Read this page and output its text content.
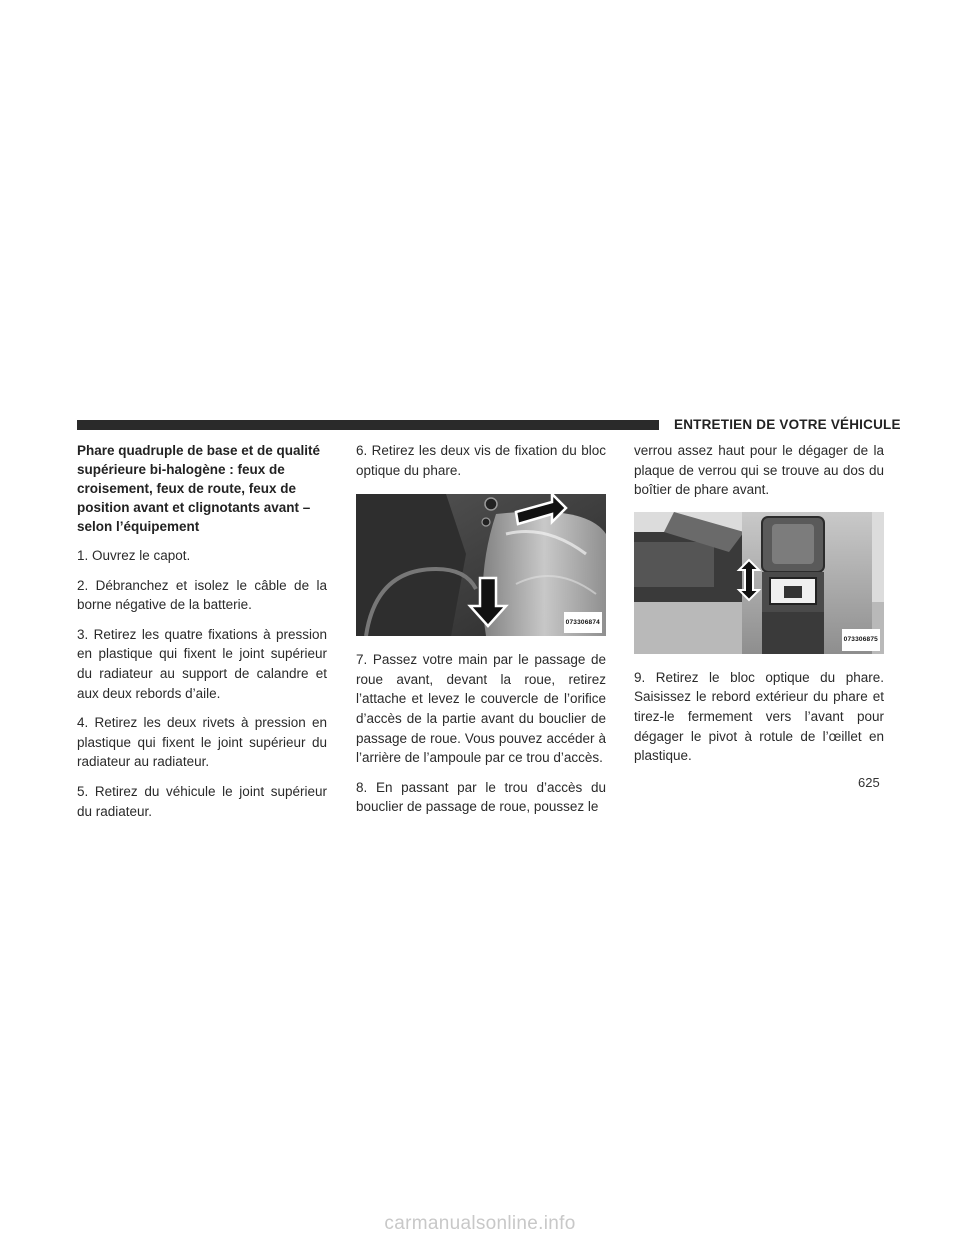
ENTRETIEN DE VOTRE VÉHICULE

Phare quadruple de base et de qualité supérieure bi-halogène : feux de croisement, feux de route, feux de position avant et clignotants avant – selon l’équipement

1. Ouvrez le capot.

2. Débranchez et isolez le câble de la borne négative de la batterie.

3. Retirez les quatre fixations à pression en plastique qui fixent le joint supérieur du radiateur au support de calandre et aux deux rebords d’aile.

4. Retirez les deux rivets à pression en plastique qui fixent le joint supérieur du radiateur au radiateur.

5. Retirez du véhicule le joint supérieur du radiateur.

6. Retirez les deux vis de fixation du bloc optique du phare.

073306874

7. Passez votre main par le passage de roue avant, devant la roue, retirez l’attache et levez le couvercle de l’orifice d’accès de la partie avant du bouclier de passage de roue. Vous pouvez accéder à l’arrière de l’ampoule par ce trou d’accès.

8. En passant par le trou d’accès du bouclier de passage de roue, poussez le

verrou assez haut pour le dégager de la plaque de verrou qui se trouve au dos du boîtier de phare avant.

073306875

9. Retirez le bloc optique du phare. Saisissez le rebord extérieur du phare et tirez-le fermement vers l’avant pour dégager le pivot à rotule de l’œillet en plastique.

625
carmanualsonline.info
